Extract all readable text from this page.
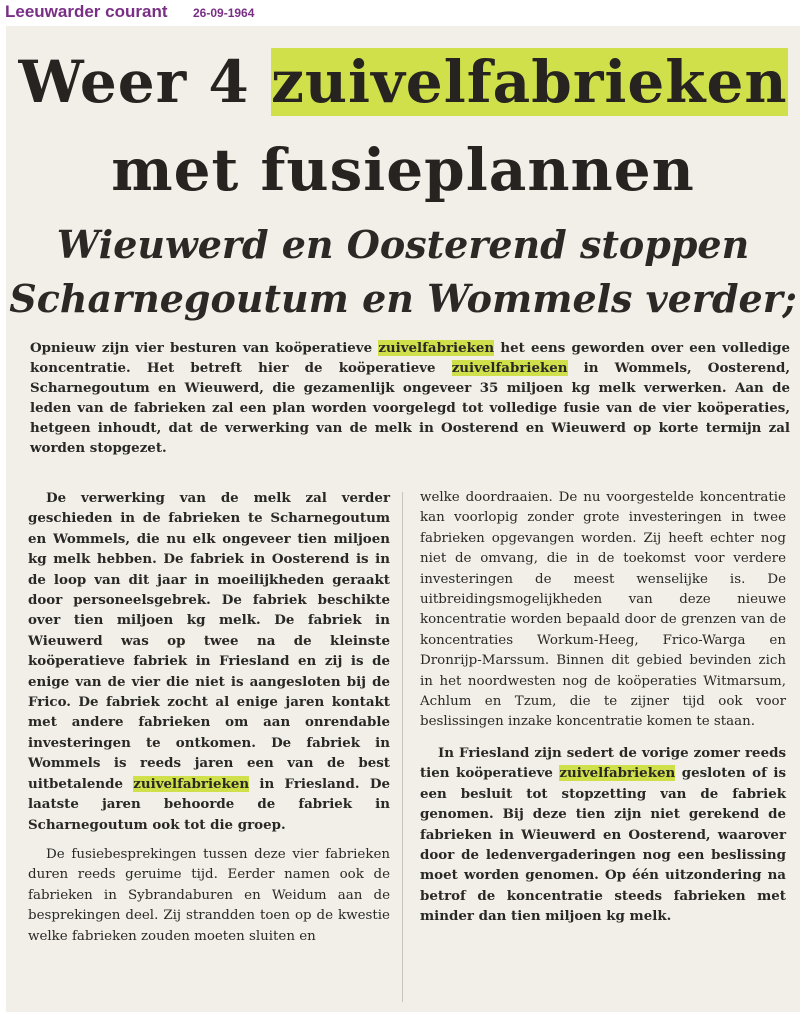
Leeuwarder courant 26-09-1964
Weer 4 zuivelfabrieken
met fusieplannen
Wieuwerd en Oosterend stoppen
Scharnegoutum en Wommels verder;
Opnieuw zijn vier besturen van koöperatieve zuivelfabrieken het eens geworden over een volledige koncentratie. Het betreft hier de koöperatieve zuivelfabrieken in Wommels, Oosterend, Scharnegoutum en Wieuwerd, die gezamenlijk ongeveer 35 miljoen kg melk verwerken. Aan de leden van de fabrieken zal een plan worden voorgelegd tot volledige fusie van de vier koöperaties, hetgeen inhoudt, dat de verwerking van de melk in Oosterend en Wieuwerd op korte termijn zal worden stopgezet.

De verwerking van de melk zal verder geschieden in de fabrieken te Scharnegoutum en Wommels, die nu elk ongeveer tien miljoen kg melk hebben. De fabriek in Oosterend is in de loop van dit jaar in moeilijkheden geraakt door personeelsgebrek. De fabriek beschikte over tien miljoen kg melk. De fabriek in Wieuwerd was op twee na de kleinste koöperatieve fabriek in Friesland en zij is de enige van de vier die niet is aangesloten bij de Frico. De fabriek zocht al enige jaren kontakt met andere fabrieken om aan onrendable investeringen te ontkomen. De fabriek in Wommels is reeds jaren een van de best uitbetalende zuivelfabrieken in Friesland. De laatste jaren behoorde de fabriek in Scharnegoutum ook tot die groep.

De fusiebesprekingen tussen deze vier fabrieken duren reeds geruime tijd. Eerder namen ook de fabrieken in Sybrandaburen en Weidum aan de besprekingen deel. Zij strandden toen op de kwestie welke fabrieken zouden moeten sluiten en

welke doordraaien. De nu voorgestelde koncentratie kan voorlopig zonder grote investeringen in twee fabrieken opgevangen worden. Zij heeft echter nog niet de omvang, die in de toekomst voor verdere investeringen de meest wenselijke is. De uitbreidingsmogelijkheden van deze nieuwe koncentratie worden bepaald door de grenzen van de koncentraties Workum-Heeg, Frico-Warga en Dronrijp-Marssum. Binnen dit gebied bevinden zich in het noordwesten nog de koöperaties Witmarsum, Achlum en Tzum, die te zijner tijd ook voor beslissingen inzake koncentratie komen te staan.

In Friesland zijn sedert de vorige zomer reeds tien koöperatieve zuivelfabrieken gesloten of is een besluit tot stopzetting van de fabriek genomen. Bij deze tien zijn niet gerekend de fabrieken in Wieuwerd en Oosterend, waarover door de ledenvergaderingen nog een beslissing moet worden genomen. Op één uitzondering na betrof de koncentratie steeds fabrieken met minder dan tien miljoen kg melk.
